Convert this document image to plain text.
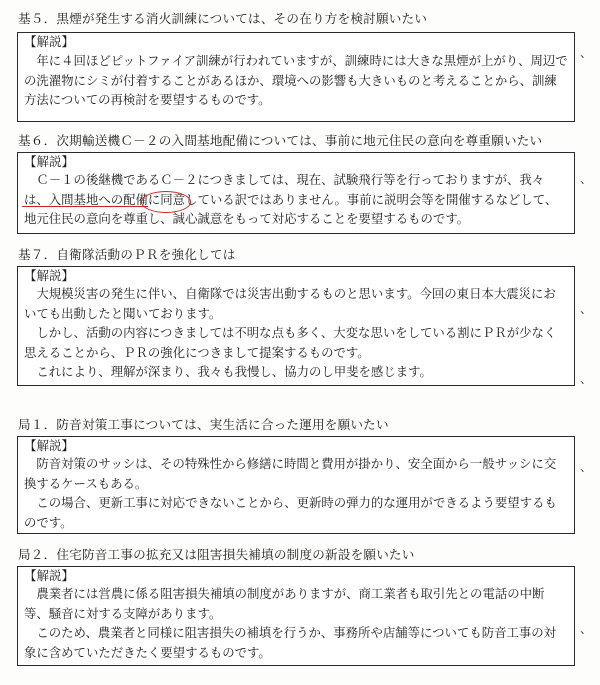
基５．黒煙が発生する消火訓練については、その在り方を検討願いたい
【解説】
　年に４回ほどピットファイア訓練が行われていますが、訓練時には大きな黒煙が上がり、周辺での洗濯物にシミが付着することがあるほか、環境への影響も大きいものと考えることから、訓練方法についての再検討を要望するものです。
基６．次期輸送機Ｃ－２の入間基地配備については、事前に地元住民の意向を尊重願いたい
【解説】
　Ｃ－１の後継機であるＣ－２につきましては、現在、試験飛行等を行っておりますが、我々は、入間基地への配備に同意している訳ではありません。事前に説明会等を開催するなどして、地元住民の意向を尊重し、誠心誠意をもって対応することを要望するものです。
基７．自衛隊活動のＰＲを強化しては
【解説】
　大規模災害の発生に伴い、自衛隊では災害出動するものと思います。今回の東日本大震災においても出動したと聞いております。
　しかし、活動の内容につきましては不明な点も多く、大変な思いをしている割にＰＲが少なく思えることから、ＰＲの強化につきまして提案するものです。
　これにより、理解が深まり、我々も我慢し、協力のし甲斐を感じます。
局１．防音対策工事については、実生活に合った運用を願いたい
【解説】
　防音対策のサッシは、その特殊性から修繕に時間と費用が掛かり、安全面から一般サッシに交換するケースもある。
　この場合、更新工事に対応できないことから、更新時の弾力的な運用ができるよう要望するものです。
局２．住宅防音工事の拡充又は阻害損失補填の制度の新設を願いたい
【解説】
　農業者には営農に係る阻害損失補填の制度がありますが、商工業者も取引先との電話の中断等、騒音に対する支障があります。
　このため、農業者と同様に阻害損失の補填を行うか、事務所や店舗等についても防音工事の対象に含めていただきたく要望するものです。
、
、
、
、
、
、
